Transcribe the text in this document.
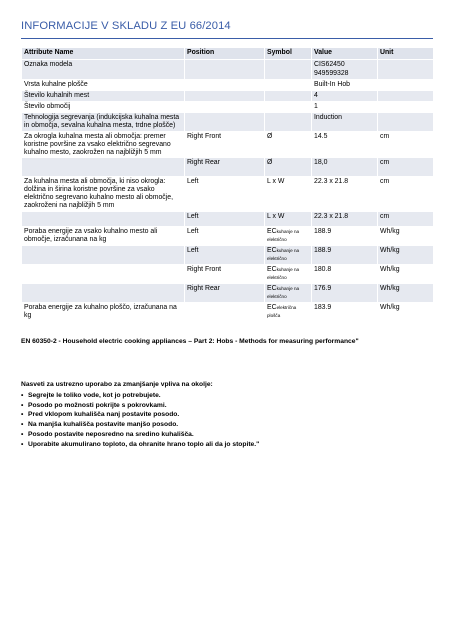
INFORMACIJE V SKLADU Z EU 66/2014
Attribute Name	Position	Symbol	Value	Unit
Oznaka modela			CIS62450
949599328	
Vrsta kuhalne plošče			Built-In Hob	
Število kuhalnih mest			4	
Število območij			1	
Tehnologija segrevanja (indukcijska kuhalna mesta in območja, sevalna kuhalna mesta, trdne plošče)			Induction	
Za okrogla kuhalna mesta ali območja: premer koristne površine za vsako električno segrevano kuhalno mesto, zaokrožen na najbližjih 5 mm	Right Front	Ø	14.5	cm
	Right Rear	Ø	18,0	cm
Za kuhalna mesta ali območja, ki niso okrogla: dolžina in širina koristne površine za vsako električno segrevano kuhalno mesto ali območje, zaokroženi na najbližjih 5 mm	Left	L x W	22.3 x 21.8	cm
	Left	L x W	22.3 x 21.8	cm
Poraba energije za vsako kuhalno mesto ali območje, izračunana na kg	Left	ECkuhanje na električno	188.9	Wh/kg
	Left	ECkuhanje na električno	188.9	Wh/kg
	Right Front	ECkuhanje na električno	180.8	Wh/kg
	Right Rear	ECkuhanje na električno	176.9	Wh/kg
Poraba energije za kuhalno ploščo, izračunana na kg		ECelektrična plošča	183.9	Wh/kg
EN 60350-2 - Household electric cooking appliances – Part 2: Hobs - Methods for measuring performance"
Nasveti za ustrezno uporabo za zmanjšanje vpliva na okolje:
• Segrejte le toliko vode, kot jo potrebujete.
• Posodo po možnosti pokrijte s pokrovkami.
• Pred vklopom kuhališča nanj postavite posodo.
• Na manjša kuhališča postavite manjšo posodo.
• Posodo postavite neposredno na sredino kuhališča.
• Uporabite akumulirano toploto, da ohranite hrano toplo ali da jo stopite."
